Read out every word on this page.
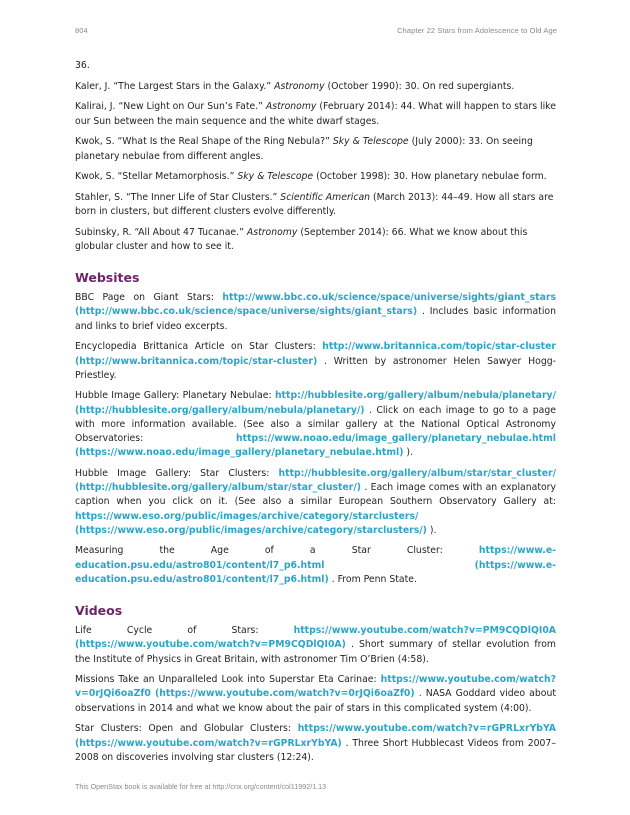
804	Chapter 22 Stars from Adolescence to Old Age

36.

Kaler, J. “The Largest Stars in the Galaxy.” Astronomy (October 1990): 30. On red supergiants.

Kalirai, J. “New Light on Our Sun’s Fate.” Astronomy (February 2014): 44. What will happen to stars like our Sun between the main sequence and the white dwarf stages.

Kwok, S. “What Is the Real Shape of the Ring Nebula?” Sky & Telescope (July 2000): 33. On seeing planetary nebulae from different angles.

Kwok, S. “Stellar Metamorphosis.” Sky & Telescope (October 1998): 30. How planetary nebulae form.

Stahler, S. “The Inner Life of Star Clusters.” Scientific American (March 2013): 44–49. How all stars are born in clusters, but different clusters evolve differently.

Subinsky, R. “All About 47 Tucanae.” Astronomy (September 2014): 66. What we know about this globular cluster and how to see it.

Websites

BBC Page on Giant Stars: http://www.bbc.co.uk/science/space/universe/sights/giant_stars (http://www.bbc.co.uk/science/space/universe/sights/giant_stars) . Includes basic information and links to brief video excerpts.

Encyclopedia Brittanica Article on Star Clusters: http://www.britannica.com/topic/star-cluster (http://www.britannica.com/topic/star-cluster) . Written by astronomer Helen Sawyer Hogg-Priestley.

Hubble Image Gallery: Planetary Nebulae: http://hubblesite.org/gallery/album/nebula/planetary/ (http://hubblesite.org/gallery/album/nebula/planetary/) . Click on each image to go to a page with more information available. (See also a similar gallery at the National Optical Astronomy Observatories: https://www.noao.edu/image_gallery/planetary_nebulae.html (https://www.noao.edu/image_gallery/planetary_nebulae.html) ).

Hubble Image Gallery: Star Clusters: http://hubblesite.org/gallery/album/star/star_cluster/ (http://hubblesite.org/gallery/album/star/star_cluster/) . Each image comes with an explanatory caption when you click on it. (See also a similar European Southern Observatory Gallery at: https://www.eso.org/public/images/archive/category/starclusters/ (https://www.eso.org/public/images/archive/category/starclusters/) ).

Measuring the Age of a Star Cluster: https://www.e-education.psu.edu/astro801/content/l7_p6.html	(https://www.e-education.psu.edu/astro801/content/l7_p6.html) . From Penn State.

Videos

Life Cycle of Stars: https://www.youtube.com/watch?v=PM9CQDlQI0A (https://www.youtube.com/watch?v=PM9CQDlQI0A) . Short summary of stellar evolution from the Institute of Physics in Great Britain, with astronomer Tim O’Brien (4:58).

Missions Take an Unparalleled Look into Superstar Eta Carinae: https://www.youtube.com/watch?v=0rJQi6oaZf0 (https://www.youtube.com/watch?v=0rJQi6oaZf0) . NASA Goddard video about observations in 2014 and what we know about the pair of stars in this complicated system (4:00).

Star Clusters: Open and Globular Clusters: https://www.youtube.com/watch?v=rGPRLxrYbYA (https://www.youtube.com/watch?v=rGPRLxrYbYA) . Three Short Hubblecast Videos from 2007–2008 on discoveries involving star clusters (12:24).

This OpenStax book is available for free at http://cnx.org/content/col11992/1.13
